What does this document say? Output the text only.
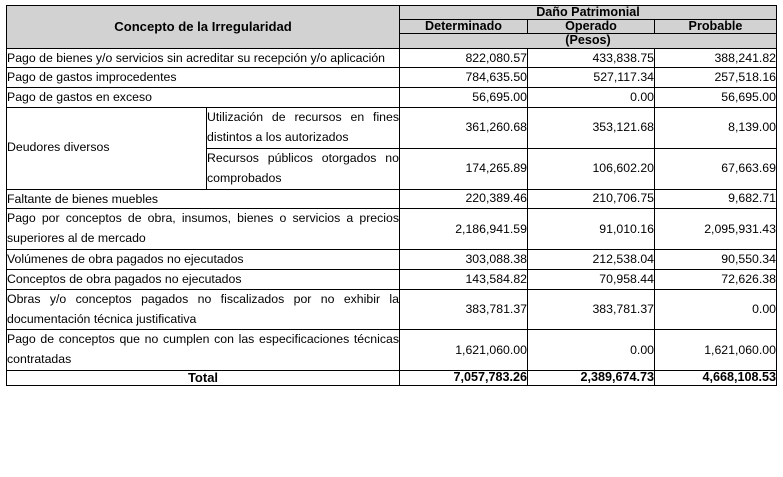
Concepto de la Irregularidad		Daño Patrimonial		
		Determinado	Operado	Probable
		(Pesos)		
Pago de bienes y/o servicios sin acreditar su recepción y/o aplicación		822,080.57	433,838.75	388,241.82
Pago de gastos improcedentes		784,635.50	527,117.34	257,518.16
Pago de gastos en exceso		56,695.00	0.00	56,695.00
Deudores diversos	Utilización de recursos en fines distintos a los autorizados	361,260.68	353,121.68	8,139.00
	Recursos públicos otorgados no comprobados	174,265.89	106,602.20	67,663.69
Faltante de bienes muebles		220,389.46	210,706.75	9,682.71
Pago por conceptos de obra, insumos, bienes o servicios a precios superiores al de mercado		2,186,941.59	91,010.16	2,095,931.43
Volúmenes de obra pagados no ejecutados		303,088.38	212,538.04	90,550.34
Conceptos de obra pagados no ejecutados		143,584.82	70,958.44	72,626.38
Obras y/o conceptos pagados no fiscalizados por no exhibir la documentación técnica justificativa		383,781.37	383,781.37	0.00
Pago de conceptos que no cumplen con las especificaciones técnicas contratadas		1,621,060.00	0.00	1,621,060.00
Total		7,057,783.26	2,389,674.73	4,668,108.53
